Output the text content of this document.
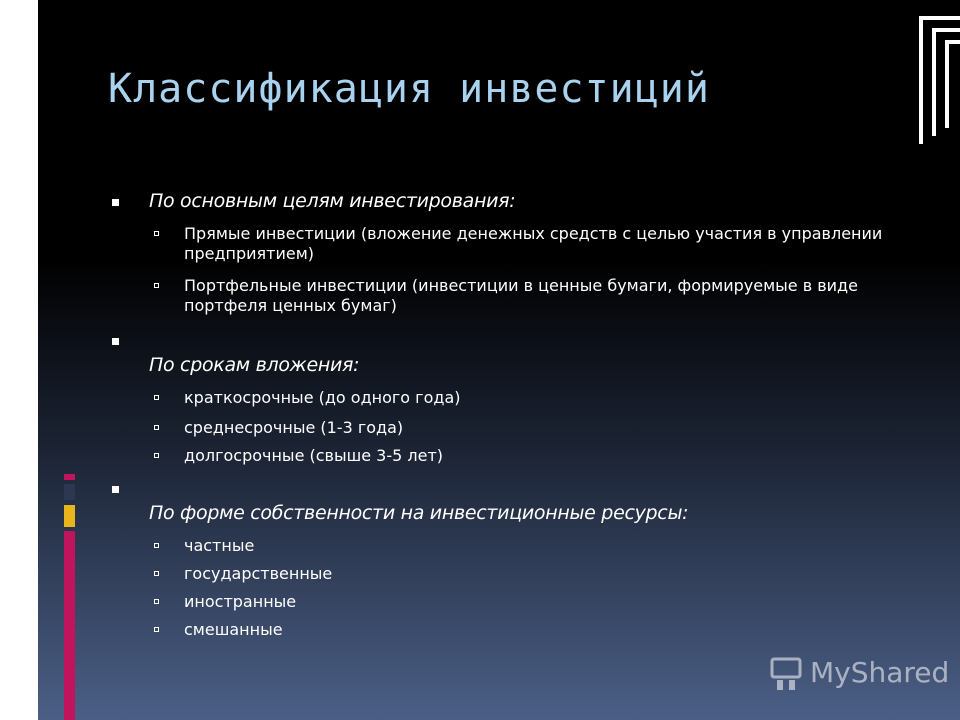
Классификация инвестиций
По основным целям инвестирования:
Прямые инвестиции (вложение денежных средств с целью участия в управлении предприятием)
Портфельные инвестиции (инвестиции в ценные бумаги, формируемые в виде портфеля ценных бумаг)
По срокам вложения:
краткосрочные (до одного года)
среднесрочные (1-3 года)
долгосрочные (свыше 3-5 лет)
По форме собственности на инвестиционные ресурсы:
частные
государственные
иностранные
смешанные
MyShared
